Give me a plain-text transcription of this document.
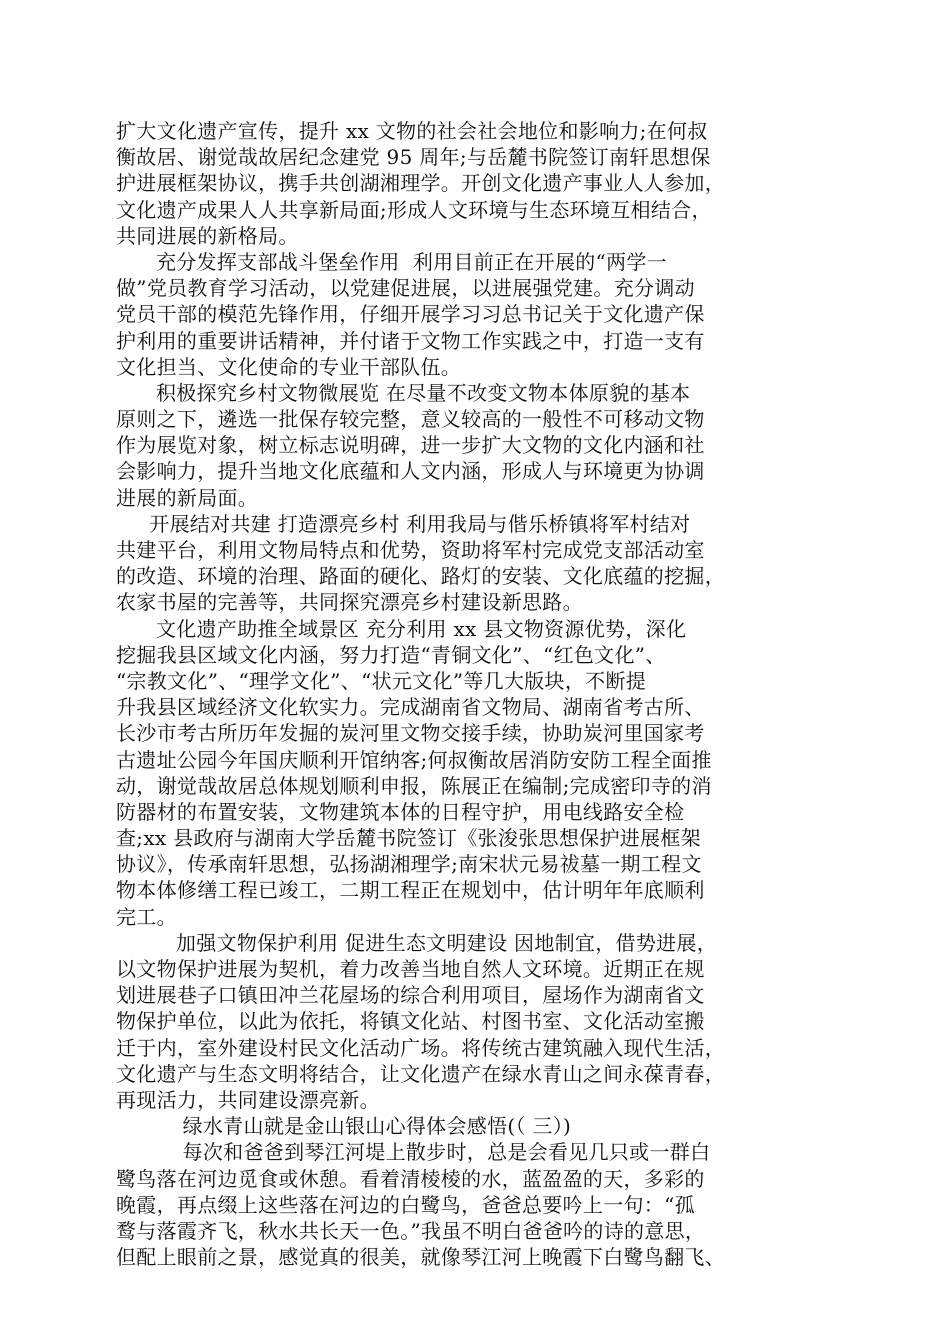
扩大文化遗产宣传，提升 xx 文物的社会社会地位和影响力;在何叔
衡故居、谢觉哉故居纪念建党 95 周年;与岳麓书院签订南轩思想保
护进展框架协议，携手共创湖湘理学。开创文化遗产事业人人参加，
文化遗产成果人人共享新局面;形成人文环境与生态环境互相结合，
共同进展的新格局。
充分发挥支部战斗堡垒作用  利用目前正在开展的“两学一
做”党员教育学习活动，以党建促进展，以进展强党建。充分调动
党员干部的模范先锋作用，仔细开展学习习总书记关于文化遗产保
护利用的重要讲话精神，并付诸于文物工作实践之中，打造一支有
文化担当、文化使命的专业干部队伍。
积极探究乡村文物微展览 在尽量不改变文物本体原貌的基本
原则之下，遴选一批保存较完整，意义较高的一般性不可移动文物
作为展览对象，树立标志说明碑，进一步扩大文物的文化内涵和社
会影响力，提升当地文化底蕴和人文内涵，形成人与环境更为协调
进展的新局面。
开展结对共建 打造漂亮乡村 利用我局与偕乐桥镇将军村结对
共建平台，利用文物局特点和优势，资助将军村完成党支部活动室
的改造、环境的治理、路面的硬化、路灯的安装、文化底蕴的挖掘，
农家书屋的完善等，共同探究漂亮乡村建设新思路。
文化遗产助推全域景区 充分利用 xx 县文物资源优势，深化
挖掘我县区域文化内涵，努力打造“青铜文化”、“红色文化”、
“宗教文化”、“理学文化”、“状元文化”等几大版块，不断提
升我县区域经济文化软实力。完成湖南省文物局、湖南省考古所、
长沙市考古所历年发掘的炭河里文物交接手续，协助炭河里国家考
古遗址公园今年国庆顺利开馆纳客;何叔衡故居消防安防工程全面推
动，谢觉哉故居总体规划顺利申报，陈展正在编制;完成密印寺的消
防器材的布置安装，文物建筑本体的日程守护，用电线路安全检
查;xx 县政府与湖南大学岳麓书院签订《张浚张思想保护进展框架
协议》，传承南轩思想，弘扬湖湘理学;南宋状元易祓墓一期工程文
物本体修缮工程已竣工，二期工程正在规划中，估计明年年底顺利
完工。
加强文物保护利用 促进生态文明建设 因地制宜，借势进展，
以文物保护进展为契机，着力改善当地自然人文环境。近期正在规
划进展巷子口镇田冲兰花屋场的综合利用项目，屋场作为湖南省文
物保护单位，以此为依托，将镇文化站、村图书室、文化活动室搬
迁于内，室外建设村民文化活动广场。将传统古建筑融入现代生活，
文化遗产与生态文明将结合，让文化遗产在绿水青山之间永葆青春，
再现活力，共同建设漂亮新。
绿水青山就是金山银山心得体会感悟(（ 三）)
每次和爸爸到琴江河堤上散步时，总是会看见几只或一群白
鹭鸟落在河边觅食或休憩。看着清棱棱的水，蓝盈盈的天，多彩的
晚霞，再点缀上这些落在河边的白鹭鸟，爸爸总要吟上一句：“孤
鹜与落霞齐飞，秋水共长天一色。”我虽不明白爸爸吟的诗的意思，
但配上眼前之景，感觉真的很美，就像琴江河上晚霞下白鹭鸟翻飞、
